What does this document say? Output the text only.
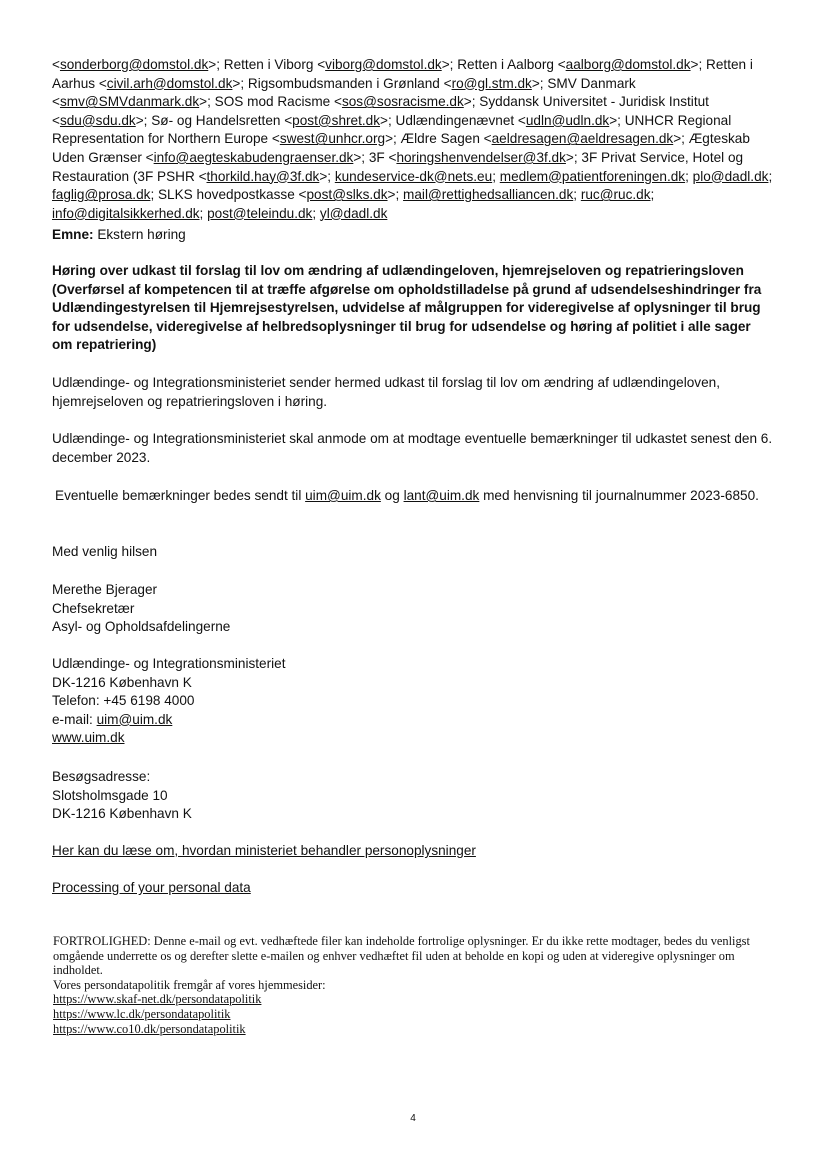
<sonderborg@domstol.dk>; Retten i Viborg <viborg@domstol.dk>; Retten i Aalborg <aalborg@domstol.dk>; Retten i Aarhus <civil.arh@domstol.dk>; Rigsombudsmanden i Grønland <ro@gl.stm.dk>; SMV Danmark <smv@SMVdanmark.dk>; SOS mod Racisme <sos@sosracisme.dk>; Syddansk Universitet - Juridisk Institut <sdu@sdu.dk>; Sø- og Handelsretten <post@shret.dk>; Udlændingenævnet <udln@udln.dk>; UNHCR Regional Representation for Northern Europe <swest@unhcr.org>; Ældre Sagen <aeldresagen@aeldresagen.dk>; Ægteskab Uden Grænser <info@aegteskabudengraenser.dk>; 3F <horingshenvendelser@3f.dk>; 3F Privat Service, Hotel og Restauration (3F PSHR <thorkild.hay@3f.dk>; kundeservice-dk@nets.eu; medlem@patientforeningen.dk; plo@dadl.dk; faglig@prosa.dk; SLKS hovedpostkasse <post@slks.dk>; mail@rettighedsalliancen.dk; ruc@ruc.dk; info@digitalsikkerhed.dk; post@teleindu.dk; yl@dadl.dk
Emne: Ekstern høring
Høring over udkast til forslag til lov om ændring af udlændingeloven, hjemrejseloven og repatrieringsloven (Overførsel af kompetencen til at træffe afgørelse om opholdstilladelse på grund af udsendelseshindringer fra Udlændingestyrelsen til Hjemrejsestyrelsen, udvidelse af målgruppen for videregivelse af oplysninger til brug for udsendelse, videregivelse af helbredsoplysninger til brug for udsendelse og høring af politiet i alle sager om repatriering)
Udlændinge- og Integrationsministeriet sender hermed udkast til forslag til lov om ændring af udlændingeloven, hjemrejseloven og repatrieringsloven i høring.
Udlændinge- og Integrationsministeriet skal anmode om at modtage eventuelle bemærkninger til udkastet senest den 6. december 2023.
Eventuelle bemærkninger bedes sendt til uim@uim.dk og lant@uim.dk med henvisning til journalnummer 2023-6850.
Med venlig hilsen
Merethe Bjerager
Chefsekretær
Asyl- og Opholdsafdelingerne
Udlændinge- og Integrationsministeriet
DK-1216 København K
Telefon: +45 6198 4000
e-mail: uim@uim.dk
www.uim.dk
Besøgsadresse:
Slotsholmsgade 10
DK-1216 København K
Her kan du læse om, hvordan ministeriet behandler personoplysninger
Processing of your personal data
FORTROLIGHED: Denne e-mail og evt. vedhæftede filer kan indeholde fortrolige oplysninger. Er du ikke rette modtager, bedes du venligst omgående underrette os og derefter slette e-mailen og enhver vedhæftet fil uden at beholde en kopi og uden at videregive oplysninger om indholdet.
Vores persondatapolitik fremgår af vores hjemmesider:
https://www.skaf-net.dk/persondatapolitik
https://www.lc.dk/persondatapolitik
https://www.co10.dk/persondatapolitik
4
